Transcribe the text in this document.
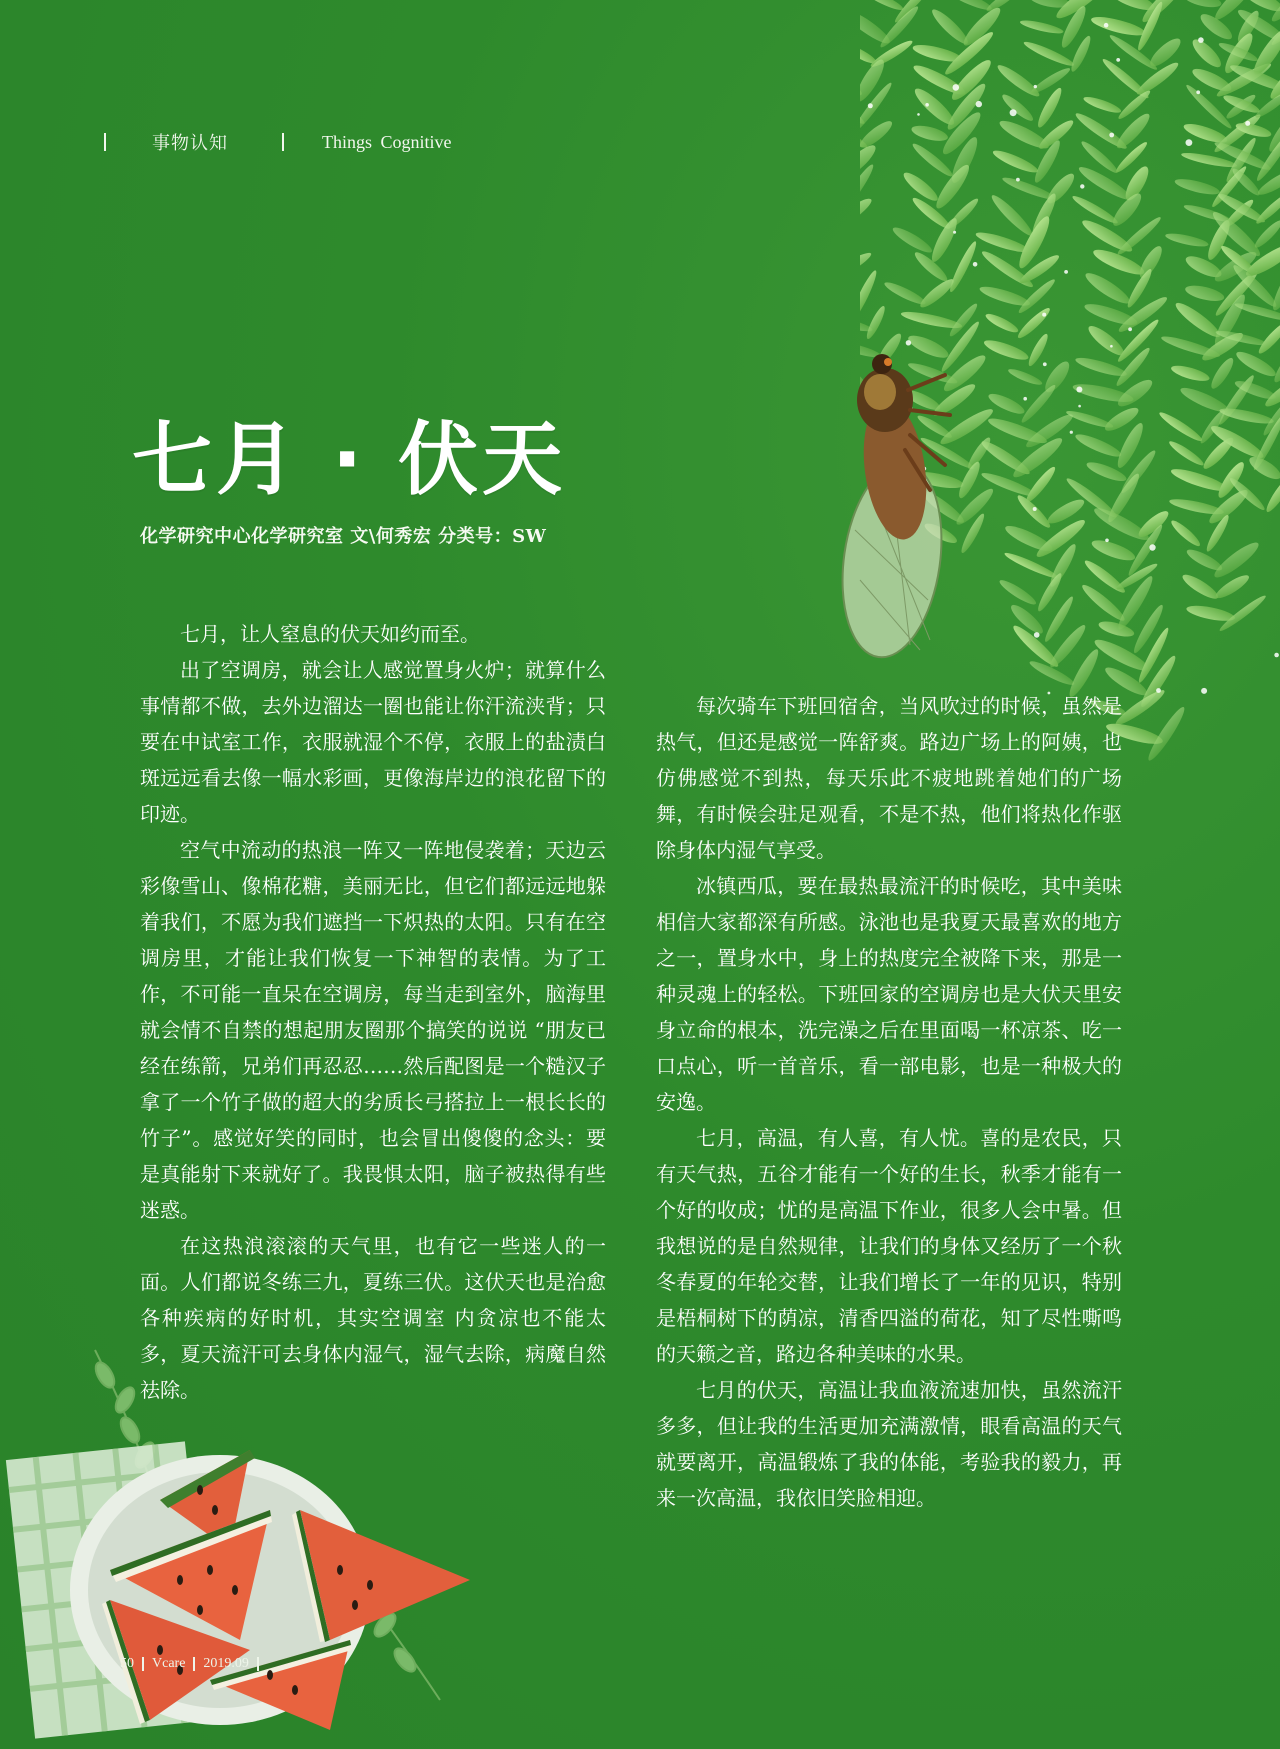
事物认知	Things Cognitive
七月 · 伏天
化学研究中心化学研究室 文\何秀宏 分类号：SW

七月，让人窒息的伏天如约而至。

出了空调房，就会让人感觉置身火炉；就算什么事情都不做，去外边溜达一圈也能让你汗流浃背；只要在中试室工作，衣服就湿个不停，衣服上的盐渍白斑远远看去像一幅水彩画，更像海岸边的浪花留下的印迹。

空气中流动的热浪一阵又一阵地侵袭着；天边云彩像雪山、像棉花糖，美丽无比，但它们都远远地躲着我们，不愿为我们遮挡一下炽热的太阳。只有在空调房里，才能让我们恢复一下神智的表情。为了工作，不可能一直呆在空调房，每当走到室外，脑海里就会情不自禁的想起朋友圈那个搞笑的说说 “朋友已经在练箭，兄弟们再忍忍……然后配图是一个糙汉子拿了一个竹子做的超大的劣质长弓搭拉上一根长长的竹子”。感觉好笑的同时，也会冒出傻傻的念头：要是真能射下来就好了。我畏惧太阳，脑子被热得有些迷惑。

在这热浪滚滚的天气里，也有它一些迷人的一面。人们都说冬练三九，夏练三伏。这伏天也是治愈各种疾病的好时机，其实空调室 内贪凉也不能太多，夏天流汗可去身体内湿气，湿气去除，病魔自然祛除。

每次骑车下班回宿舍，当风吹过的时候，虽然是热气，但还是感觉一阵舒爽。路边广场上的阿姨，也仿佛感觉不到热，每天乐此不疲地跳着她们的广场舞，有时候会驻足观看，不是不热，他们将热化作驱除身体内湿气享受。

冰镇西瓜，要在最热最流汗的时候吃，其中美味相信大家都深有所感。泳池也是我夏天最喜欢的地方之一，置身水中，身上的热度完全被降下来，那是一种灵魂上的轻松。下班回家的空调房也是大伏天里安身立命的根本，洗完澡之后在里面喝一杯凉茶、吃一口点心，听一首音乐，看一部电影，也是一种极大的安逸。

七月，高温，有人喜，有人忧。喜的是农民，只有天气热，五谷才能有一个好的生长，秋季才能有一个好的收成；忧的是高温下作业，很多人会中暑。但我想说的是自然规律，让我们的身体又经历了一个秋冬春夏的年轮交替，让我们增长了一年的见识，特别是梧桐树下的荫凉，清香四溢的荷花，知了尽性嘶鸣的天籁之音，路边各种美味的水果。

七月的伏天，高温让我血液流速加快，虽然流汗多多，但让我的生活更加充满激情，眼看高温的天气就要离开，高温锻炼了我的体能，考验我的毅力，再来一次高温，我依旧笑脸相迎。

50 Vcare 2019.09
